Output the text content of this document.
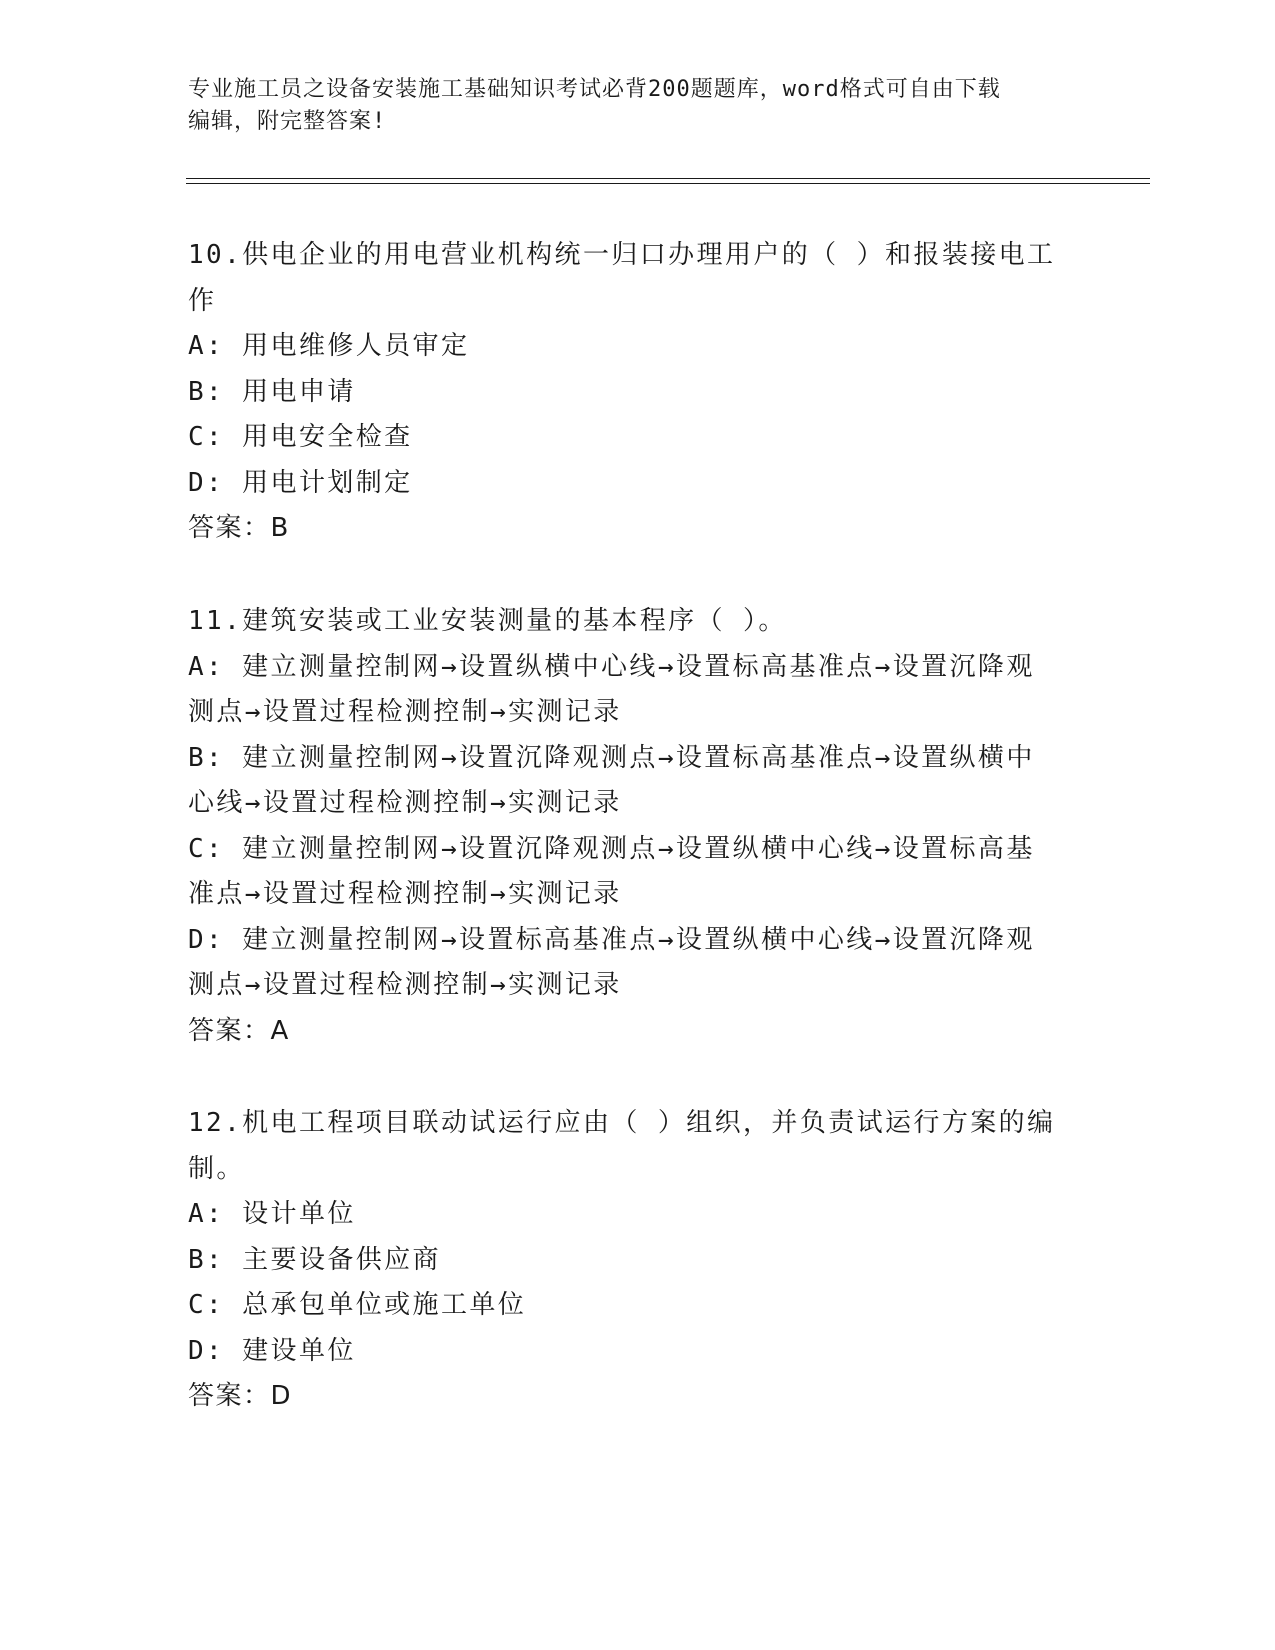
专业施工员之设备安装施工基础知识考试必背200题题库，word格式可自由下载
编辑，附完整答案!
10.供电企业的用电营业机构统一归口办理用户的（ ）和报装接电工
作
A: 用电维修人员审定
B: 用电申请
C: 用电安全检查
D: 用电计划制定
答案：B
11.建筑安装或工业安装测量的基本程序（ ）。
A: 建立测量控制网→设置纵横中心线→设置标高基准点→设置沉降观
测点→设置过程检测控制→实测记录
B: 建立测量控制网→设置沉降观测点→设置标高基准点→设置纵横中
心线→设置过程检测控制→实测记录
C: 建立测量控制网→设置沉降观测点→设置纵横中心线→设置标高基
准点→设置过程检测控制→实测记录
D: 建立测量控制网→设置标高基准点→设置纵横中心线→设置沉降观
测点→设置过程检测控制→实测记录
答案：A
12.机电工程项目联动试运行应由（ ）组织，并负责试运行方案的编
制。
A: 设计单位
B: 主要设备供应商
C: 总承包单位或施工单位
D: 建设单位
答案：D
